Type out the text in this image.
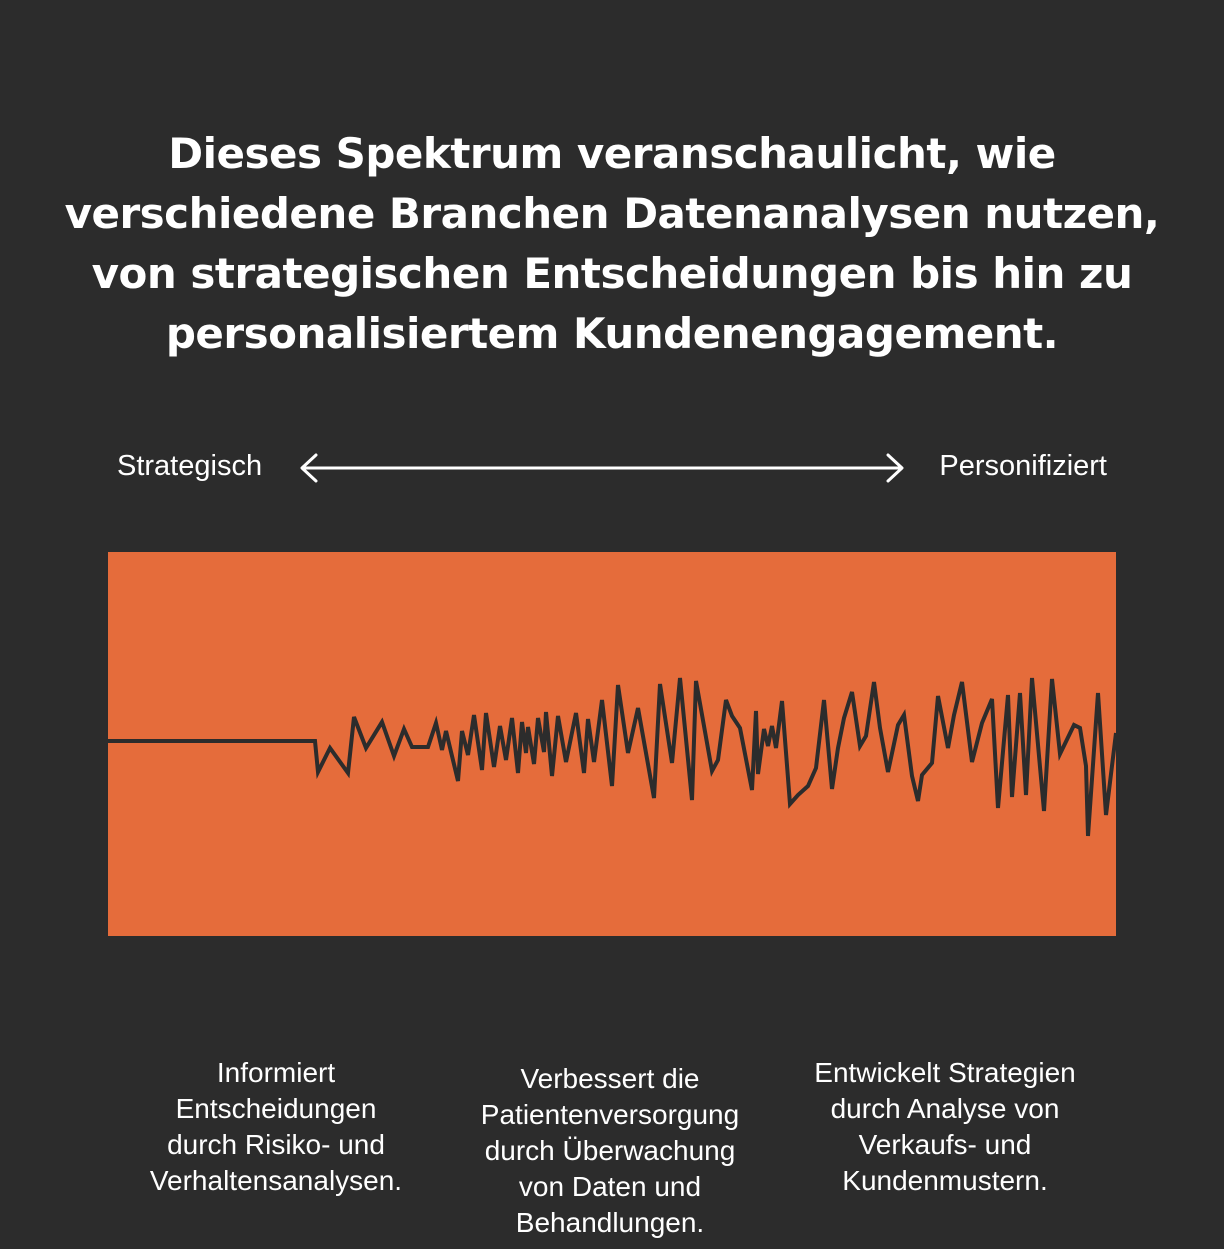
Dieses Spektrum veranschaulicht, wie
verschiedene Branchen Datenanalysen nutzen,
von strategischen Entscheidungen bis hin zu
personalisiertem Kundenengagement.
Strategisch	Personifiziert
Informiert
Entscheidungen
durch Risiko- und
Verhaltensanalysen.
Verbessert die
Patientenversorgung
durch Überwachung
von Daten und
Behandlungen.
Entwickelt Strategien
durch Analyse von
Verkaufs- und
Kundenmustern.
